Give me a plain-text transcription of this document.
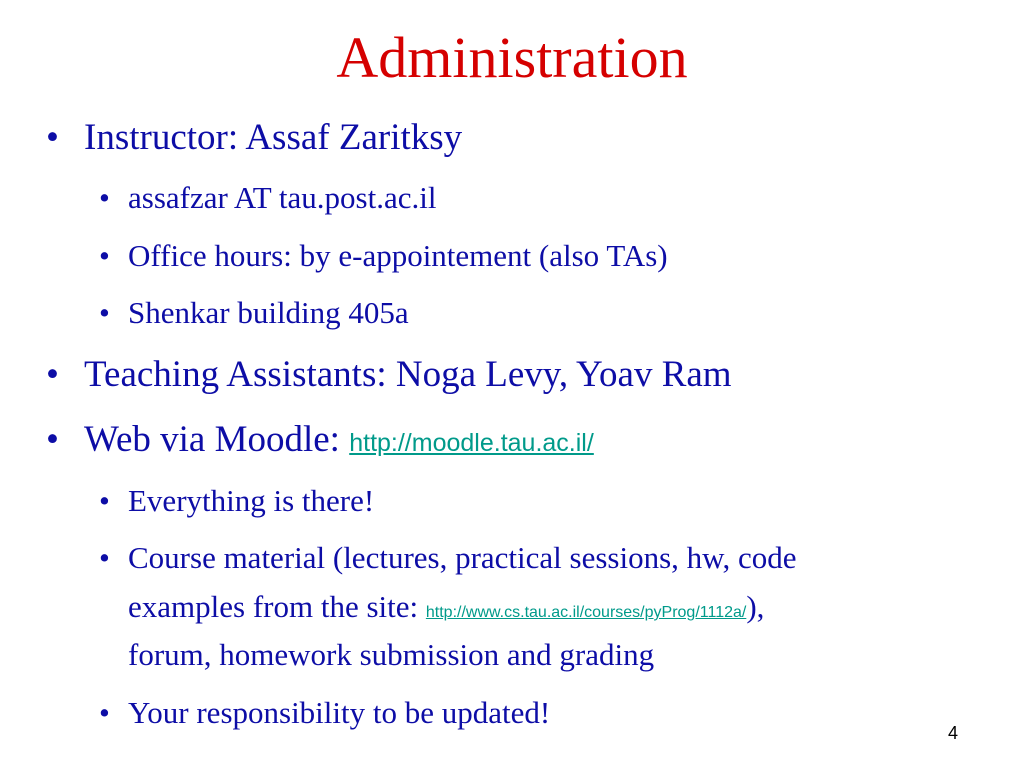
Administration
• Instructor: Assaf Zaritksy
• assafzar AT tau.post.ac.il
• Office hours: by e-appointement (also TAs)
• Shenkar building 405a
• Teaching Assistants: Noga Levy, Yoav Ram
• Web via Moodle: http://moodle.tau.ac.il/
• Everything is there!
• Course material (lectures, practical sessions, hw, code
examples from the site: http://www.cs.tau.ac.il/courses/pyProg/1112a/),
forum, homework submission and grading
• Your responsibility to be updated!
4
